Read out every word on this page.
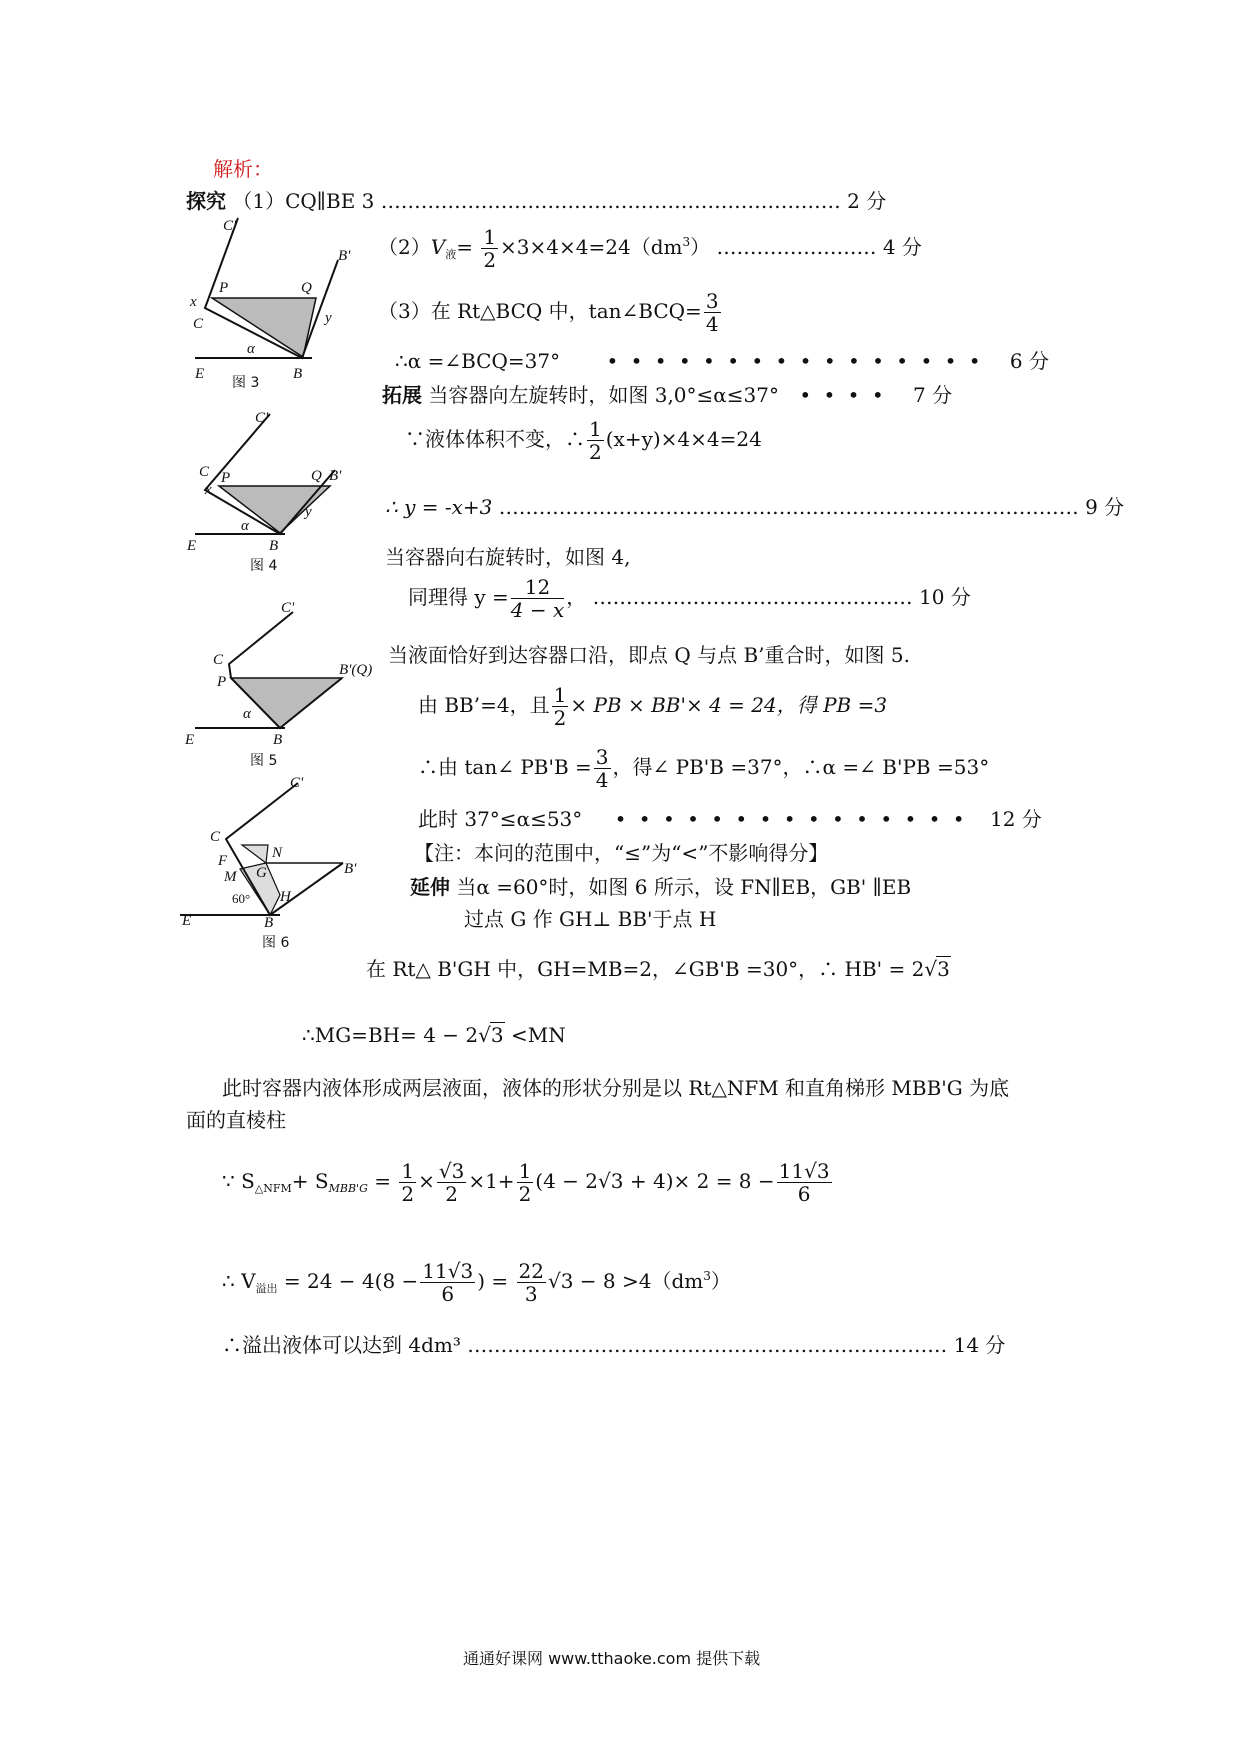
解析：
探究 （1）CQ∥BE 3 …………………………………………………………… 2 分
$(2)V_液= \frac{1}{2} \times 3\times 4\times 4=24(dm^3)$ …………………… 4 分
（3）在 Rt△BCQ 中，tan∠BCQ= $\frac{3}{4}$
∴α =∠BCQ=37° • • • • • • • • • • • • • • • • 6 分
拓展 当容器向左旋转时，如图 3,0°≤α≤37° • • • • 7 分
∵液体体积不变，∴ $\frac{1}{2} (x+y)\times 4\times 4=24$
∴ y = -x+3 …………………………………………………………………………… 9 分
当容器向右旋转时，如图 4,
同理得 $y = \frac{12}{4 - x}$ ， ………………………………………… 10 分
当液面恰好到达容器口沿，即点 Q 与点 B’重合时，如图 5.
由 BB’=4，且 $\frac{1}{2}$ × PB × BB'× 4 = 24，得 PB =3
∴由 tan∠ $PB'B = \frac{3}{4}$ ，得∠ PB'B =37°，∴α =∠ B'PB =53°
此时 37°≤α≤53° • • • • • • • • • • • • • • • 12 分
【注：本问的范围中，“≤”为“<”不影响得分】
延伸 当α =60°时，如图 6 所示，设 FN∥EB，GB' ∥EB
过点 G 作 GH⊥ BB'于点 H
在 Rt△ B'GH 中，GH=MB=2，∠GB'B =30°，∴ HB' = 2√3
∴MG=BH= 4 − 2√3 <MN
此时容器内液体形成两层液面，液体的形状分别是以 Rt△NFM 和直角梯形 MBB'G 为底
面的直棱柱
∵ $S_{\triangle NFM}+ S_{MBB'G} = \frac{1}{2} \times \frac{√3}{2} \times 1+ \frac{1}{2} (4 - 2√3 + 4)\times 2 = 8 - \frac{11√3}{6}$
∴ $V_{溢出} = 24 - 4(8 - \frac{11√3}{6}$ ) = $\frac{22}{3} √3 - 8 >4(dm^3)$
∴溢出液体可以达到 4dm³ ……………………………………………………………… 14 分
C'
B'
P	Q
x
C	y
α
E	B
图 3
C'
C P	Q B'
x
y
α
E	B
图 4
C'
C
B'(Q)
P
α
E	B
图 5
C'
C
N
F
M G	B'
60° H
E	B
图 6
通通好课网 www.tthaoke.com 提供下载
